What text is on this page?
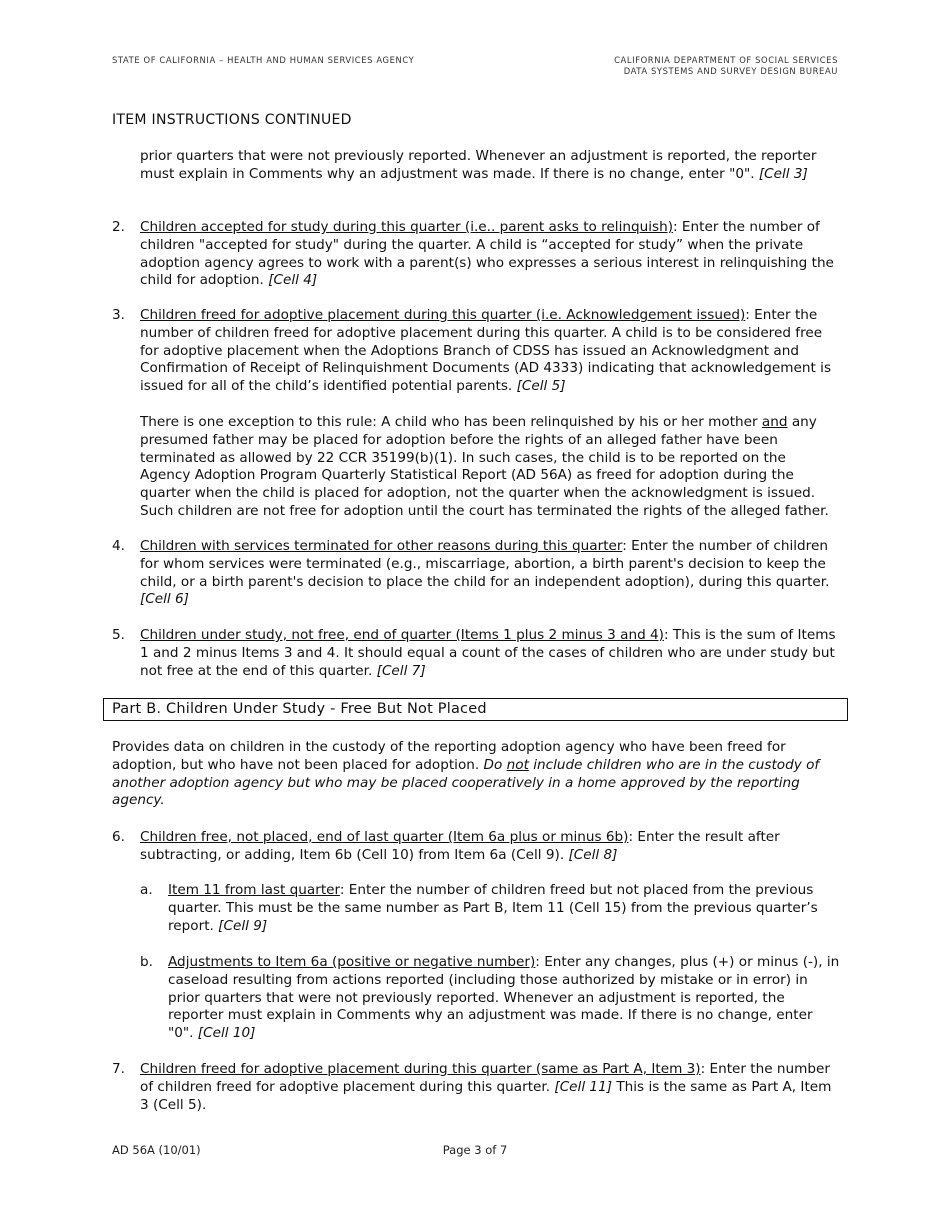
STATE OF CALIFORNIA – HEALTH AND HUMAN SERVICES AGENCY	CALIFORNIA DEPARTMENT OF SOCIAL SERVICES
DATA SYSTEMS AND SURVEY DESIGN BUREAU
ITEM INSTRUCTIONS CONTINUED
prior quarters that were not previously reported. Whenever an adjustment is reported, the reporter must explain in Comments why an adjustment was made. If there is no change, enter "0". [Cell 3]
2. Children accepted for study during this quarter (i.e.. parent asks to relinquish): Enter the number of children "accepted for study" during the quarter. A child is “accepted for study” when the private adoption agency agrees to work with a parent(s) who expresses a serious interest in relinquishing the child for adoption. [Cell 4]
3. Children freed for adoptive placement during this quarter (i.e. Acknowledgement issued): Enter the number of children freed for adoptive placement during this quarter. A child is to be considered free for adoptive placement when the Adoptions Branch of CDSS has issued an Acknowledgment and Confirmation of Receipt of Relinquishment Documents (AD 4333) indicating that acknowledgement is issued for all of the child’s identified potential parents. [Cell 5]
There is one exception to this rule: A child who has been relinquished by his or her mother and any presumed father may be placed for adoption before the rights of an alleged father have been terminated as allowed by 22 CCR 35199(b)(1). In such cases, the child is to be reported on the Agency Adoption Program Quarterly Statistical Report (AD 56A) as freed for adoption during the quarter when the child is placed for adoption, not the quarter when the acknowledgment is issued. Such children are not free for adoption until the court has terminated the rights of the alleged father.
4. Children with services terminated for other reasons during this quarter: Enter the number of children for whom services were terminated (e.g., miscarriage, abortion, a birth parent's decision to keep the child, or a birth parent's decision to place the child for an independent adoption), during this quarter.
[Cell 6]
5. Children under study, not free, end of quarter (Items 1 plus 2 minus 3 and 4): This is the sum of Items 1 and 2 minus Items 3 and 4. It should equal a count of the cases of children who are under study but not free at the end of this quarter. [Cell 7]
Part B. Children Under Study - Free But Not Placed
Provides data on children in the custody of the reporting adoption agency who have been freed for adoption, but who have not been placed for adoption. Do not include children who are in the custody of another adoption agency but who may be placed cooperatively in a home approved by the reporting agency.
6. Children free, not placed, end of last quarter (Item 6a plus or minus 6b): Enter the result after subtracting, or adding, Item 6b (Cell 10) from Item 6a (Cell 9). [Cell 8]
a. Item 11 from last quarter: Enter the number of children freed but not placed from the previous quarter. This must be the same number as Part B, Item 11 (Cell 15) from the previous quarter’s report. [Cell 9]
b. Adjustments to Item 6a (positive or negative number): Enter any changes, plus (+) or minus (-), in caseload resulting from actions reported (including those authorized by mistake or in error) in prior quarters that were not previously reported. Whenever an adjustment is reported, the reporter must explain in Comments why an adjustment was made. If there is no change, enter "0". [Cell 10]
7. Children freed for adoptive placement during this quarter (same as Part A, Item 3): Enter the number of children freed for adoptive placement during this quarter. [Cell 11] This is the same as Part A, Item 3 (Cell 5).
AD 56A (10/01)	Page 3 of 7
